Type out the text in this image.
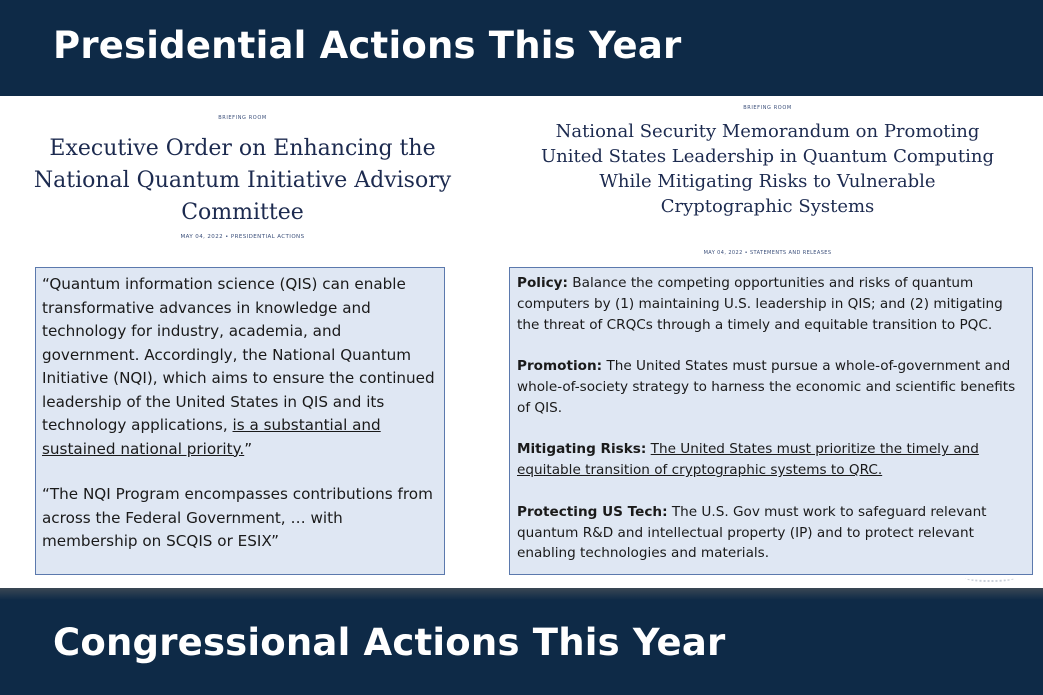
Presidential Actions This Year
BRIEFING ROOM
Executive Order on Enhancing the National Quantum Initiative Advisory Committee
MAY 04, 2022 • PRESIDENTIAL ACTIONS
BRIEFING ROOM
National Security Memorandum on Promoting United States Leadership in Quantum Computing While Mitigating Risks to Vulnerable Cryptographic Systems
MAY 04, 2022 • STATEMENTS AND RELEASES

“Quantum information science (QIS) can enable transformative advances in knowledge and technology for industry, academia, and government. Accordingly, the National Quantum Initiative (NQI), which aims to ensure the continued leadership of the United States in QIS and its technology applications, is a substantial and sustained national priority.”

“The NQI Program encompasses contributions from across the Federal Government, … with membership on SCQIS or ESIX”

Policy: Balance the competing opportunities and risks of quantum computers by (1) maintaining U.S. leadership in QIS; and (2) mitigating the threat of CRQCs through a timely and equitable transition to PQC.

Promotion: The United States must pursue a whole-of-government and whole-of-society strategy to harness the economic and scientific benefits of QIS.

Mitigating Risks: The United States must prioritize the timely and equitable transition of cryptographic systems to QRC.

Protecting US Tech: The U.S. Gov must work to safeguard relevant quantum R&D and intellectual property (IP) and to protect relevant enabling technologies and materials.

Congressional Actions This Year
